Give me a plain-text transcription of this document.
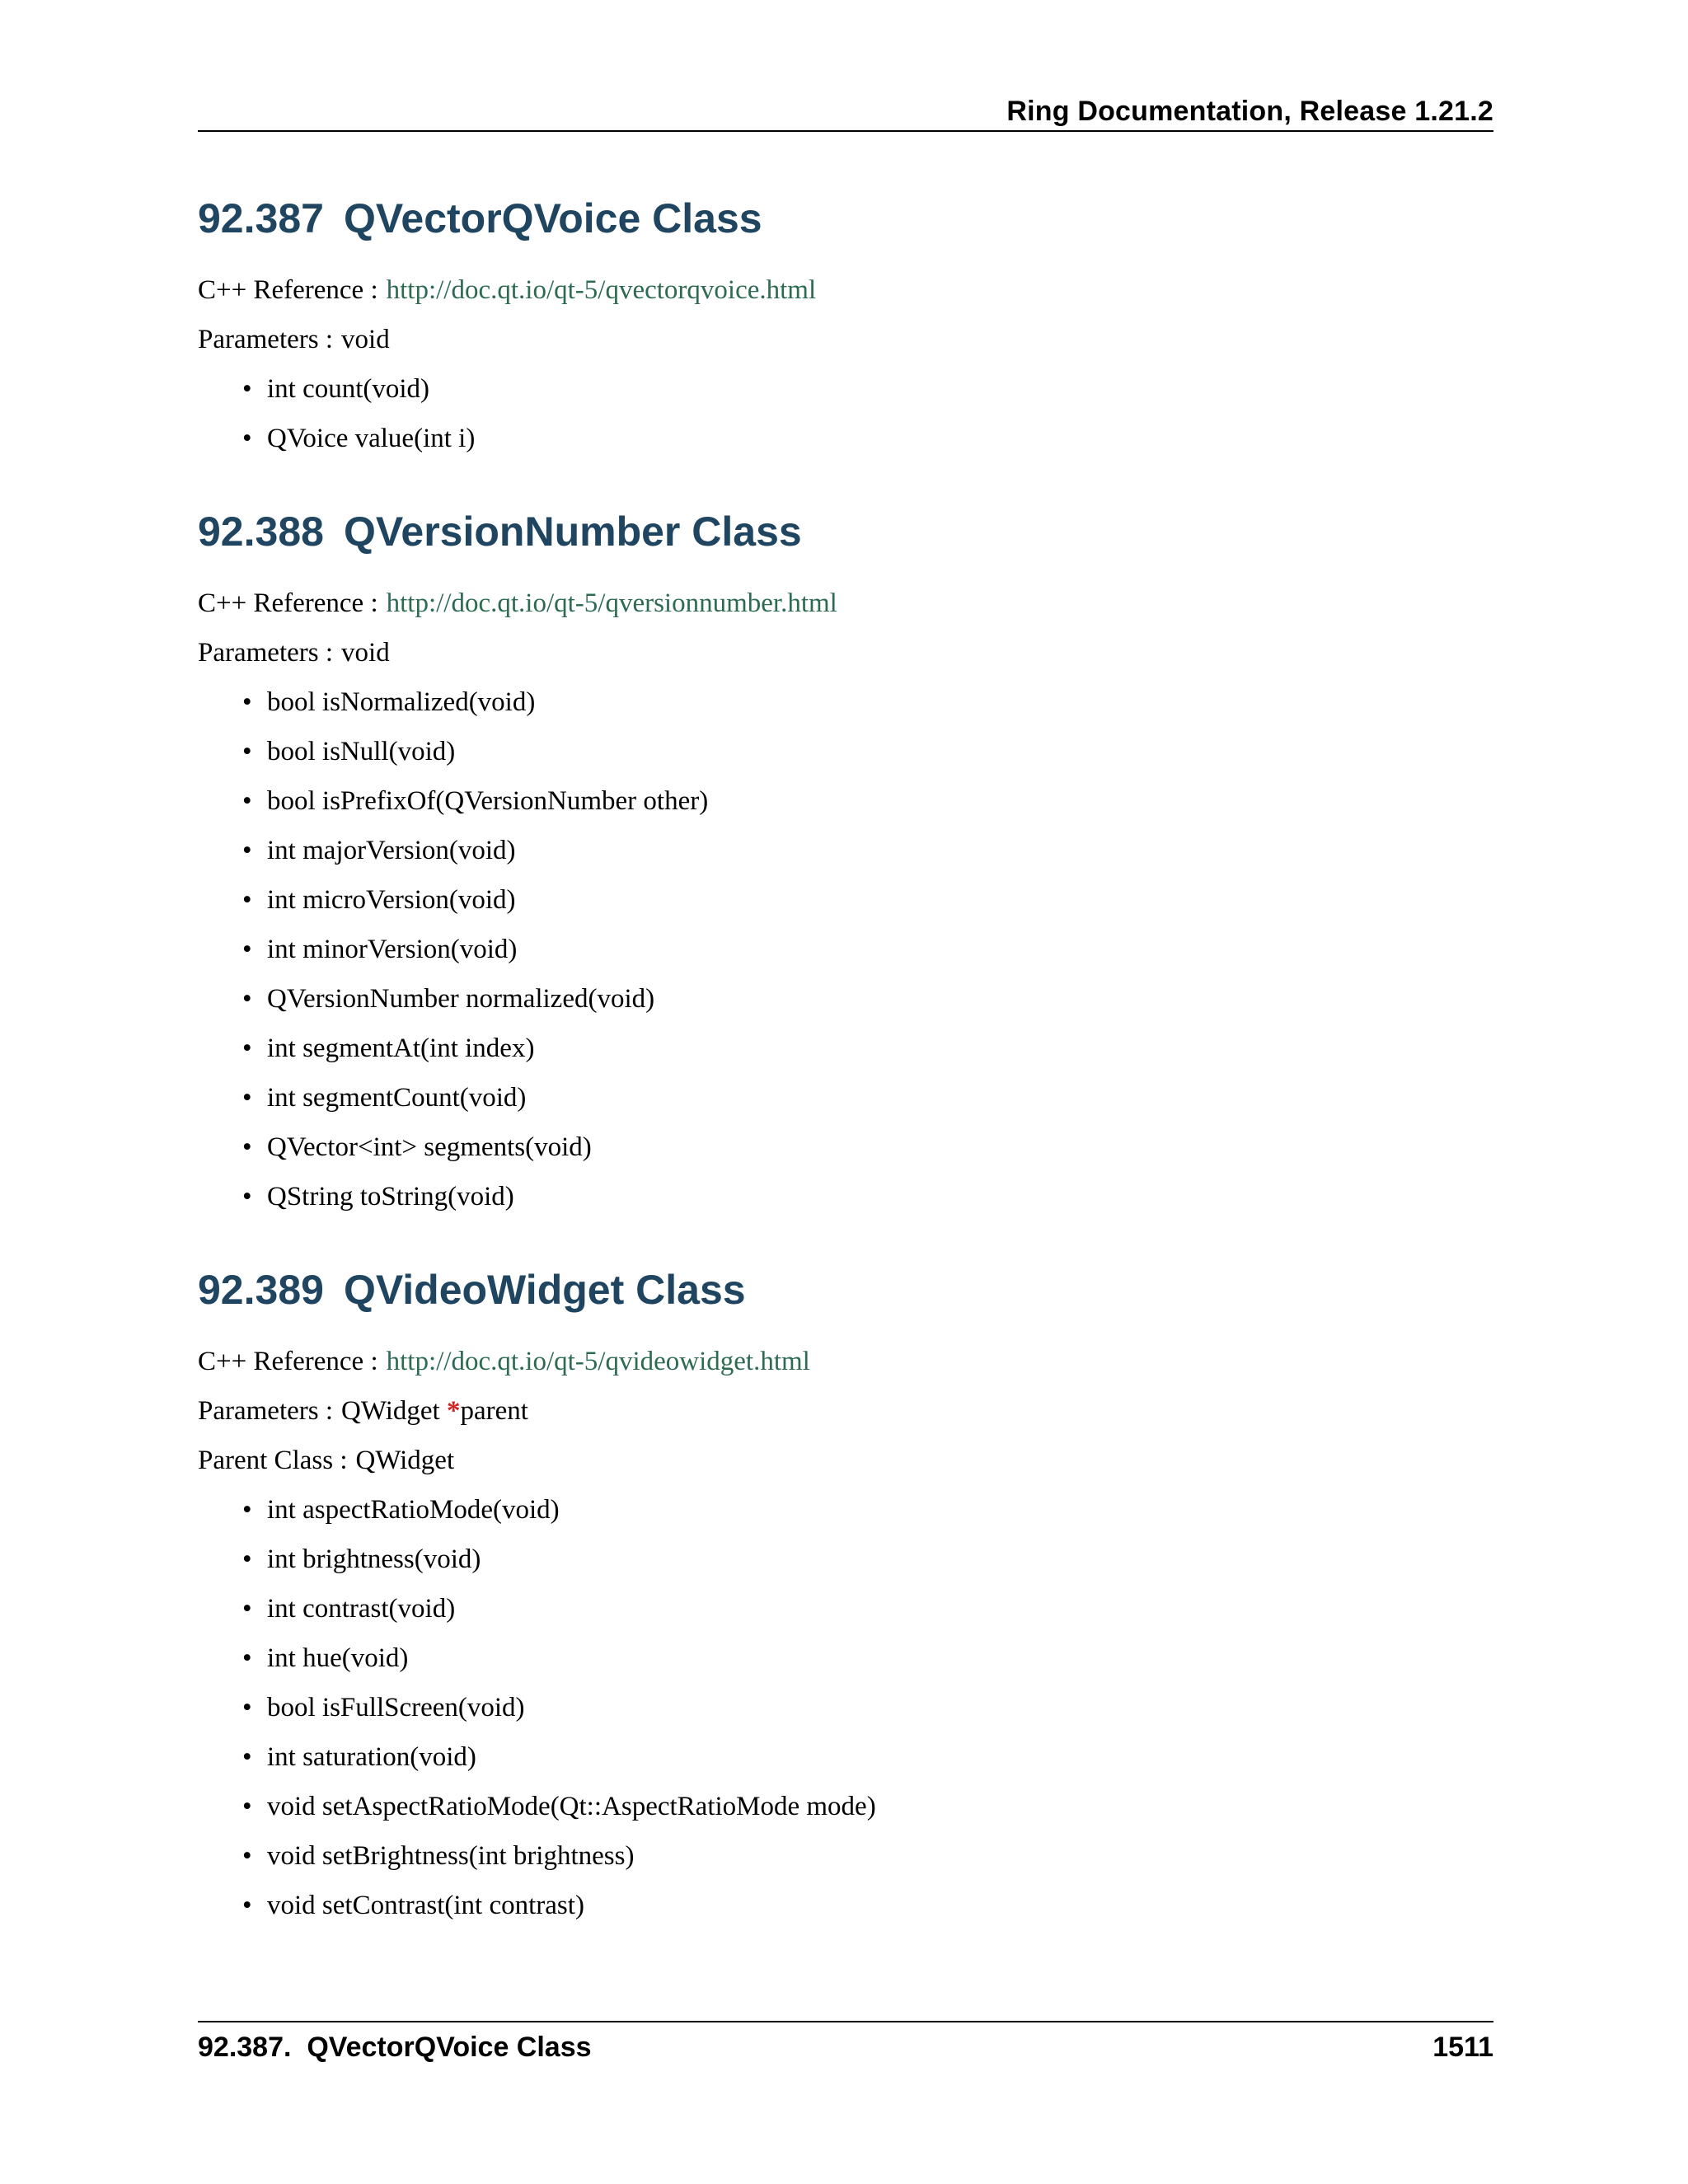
Ring Documentation, Release 1.21.2
92.387 QVectorQVoice Class

C++ Reference : http://doc.qt.io/qt-5/qvectorqvoice.html

Parameters : void

• int count(void)
• QVoice value(int i)
92.388 QVersionNumber Class

C++ Reference : http://doc.qt.io/qt-5/qversionnumber.html

Parameters : void

• bool isNormalized(void)
• bool isNull(void)
• bool isPrefixOf(QVersionNumber other)
• int majorVersion(void)
• int microVersion(void)
• int minorVersion(void)
• QVersionNumber normalized(void)
• int segmentAt(int index)
• int segmentCount(void)
• QVector<int> segments(void)
• QString toString(void)
92.389 QVideoWidget Class

C++ Reference : http://doc.qt.io/qt-5/qvideowidget.html

Parameters : QWidget *parent

Parent Class : QWidget

• int aspectRatioMode(void)
• int brightness(void)
• int contrast(void)
• int hue(void)
• bool isFullScreen(void)
• int saturation(void)
• void setAspectRatioMode(Qt::AspectRatioMode mode)
• void setBrightness(int brightness)
• void setContrast(int contrast)
92.387.  QVectorQVoice Class	1511
